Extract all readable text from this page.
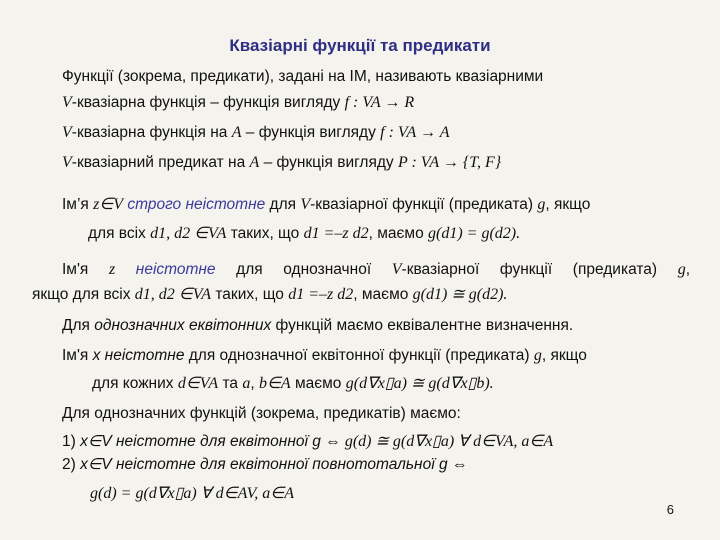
Квазіарні функції та предикати
Функції (зокрема, предикати), задані на ІМ, називають квазіарними
V-квазіарна функція – функція вигляду f : VA → R
V-квазіарна функція на A – функція вигляду f : VA → A
V-квазіарний предикат на A – функція вигляду P : VA → {T, F}
Ім’я z∈V строго неістотне для V-квазіарної функції (предиката) g, якщо
для всіх d1, d2 ∈VA таких, що d1 =–z d2, маємо g(d1) = g(d2).
Ім'я z неістотне для однозначної V-квазіарної функції (предиката) g,
якщо для всіх d1, d2 ∈VA таких, що d1 =–z d2, маємо g(d1) ≅ g(d2).
Для однозначних еквітонних функцій маємо еквівалентне визначення.
Ім'я x неістотне для однозначної еквітонної функції (предиката) g, якщо
для кожних d∈VA та a, b∈A маємо g(d∇x▯a) ≅ g(d∇x▯b).
Для однозначних функцій (зокрема, предикатів) маємо:
1) x∈V неістотне для еквітонної g ⇔ g(d) ≅ g(d∇x▯a) ∀ d∈VA, a∈A
2) x∈V неістотне для еквітонної повнототальної g ⇔
g(d) = g(d∇x▯a) ∀ d∈AV, a∈A
6
